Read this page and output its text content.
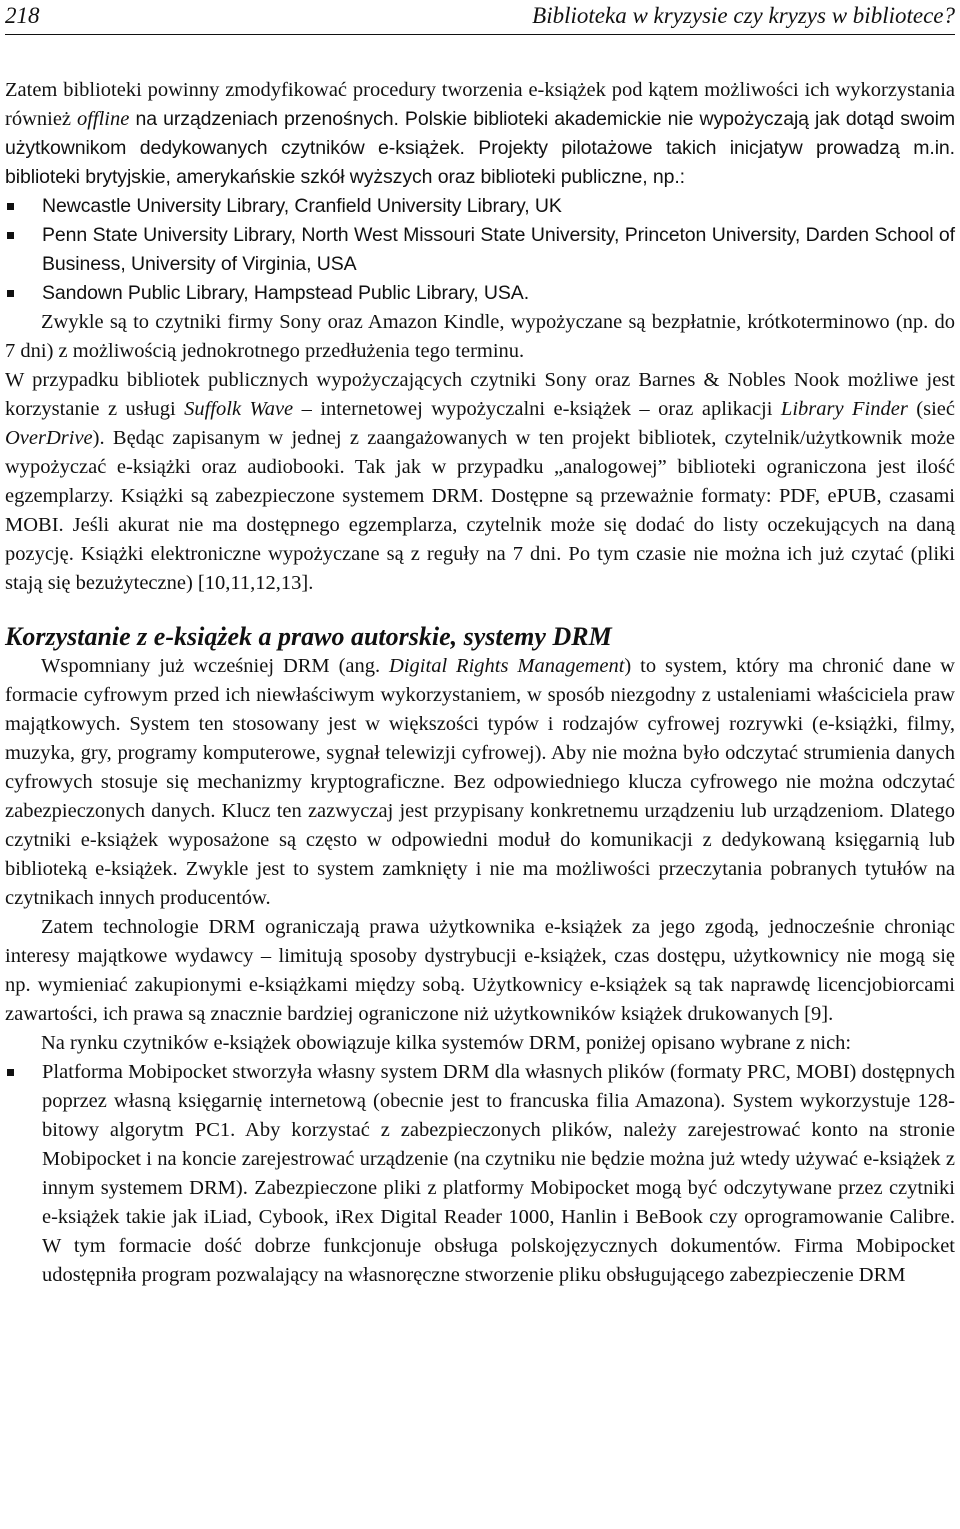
218	Biblioteka w kryzysie czy kryzys w bibliotece?

Zatem biblioteki powinny zmodyfikować procedury tworzenia e-książek pod kątem możliwości ich wykorzystania również offline na urządzeniach przenośnych. Polskie biblioteki akademickie nie wypożyczają jak dotąd swoim użytkownikom dedykowanych czytników e-książek. Projekty pilotażowe takich inicjatyw prowadzą m.in. biblioteki brytyjskie, amerykańskie szkół wyższych oraz biblioteki publiczne, np.:

Newcastle University Library, Cranfield University Library, UK
Penn State University Library, North West Missouri State University, Princeton University, Darden School of Business, University of Virginia, USA
Sandown Public Library, Hampstead Public Library, USA.

Zwykle są to czytniki firmy Sony oraz Amazon Kindle, wypożyczane są bezpłatnie, krótkoterminowo (np. do 7 dni) z możliwością jednokrotnego przedłużenia tego terminu.

W przypadku bibliotek publicznych wypożyczających czytniki Sony oraz Barnes & Nobles Nook możliwe jest korzystanie z usługi Suffolk Wave – internetowej wypożyczalni e-książek – oraz aplikacji Library Finder (sieć OverDrive). Będąc zapisanym w jednej z zaangażowanych w ten projekt bibliotek, czytelnik/użytkownik może wypożyczać e-książki oraz audiobooki. Tak jak w przypadku „analogowej” biblioteki ograniczona jest ilość egzemplarzy. Książki są zabezpieczone systemem DRM. Dostępne są przeważnie formaty: PDF, ePUB, czasami MOBI. Jeśli akurat nie ma dostępnego egzemplarza, czytelnik może się dodać do listy oczekujących na daną pozycję. Książki elektroniczne wypożyczane są z reguły na 7 dni. Po tym czasie nie można ich już czytać (pliki stają się bezużyteczne) [10,11,12,13].

Korzystanie z e-książek a prawo autorskie, systemy DRM

Wspomniany już wcześniej DRM (ang. Digital Rights Management) to system, który ma chronić dane w formacie cyfrowym przed ich niewłaściwym wykorzystaniem, w sposób niezgodny z ustaleniami właściciela praw majątkowych. System ten stosowany jest w większości typów i rodzajów cyfrowej rozrywki (e-książki, filmy, muzyka, gry, programy komputerowe, sygnał telewizji cyfrowej). Aby nie można było odczytać strumienia danych cyfrowych stosuje się mechanizmy kryptograficzne. Bez odpowiedniego klucza cyfrowego nie można odczytać zabezpieczonych danych. Klucz ten zazwyczaj jest przypisany konkretnemu urządzeniu lub urządzeniom. Dlatego czytniki e-książek wyposażone są często w odpowiedni moduł do komunikacji z dedykowaną księgarnią lub biblioteką e-książek. Zwykle jest to system zamknięty i nie ma możliwości przeczytania pobranych tytułów na czytnikach innych producentów.

Zatem technologie DRM ograniczają prawa użytkownika e-książek za jego zgodą, jednocześnie chroniąc interesy majątkowe wydawcy – limitują sposoby dystrybucji e-książek, czas dostępu, użytkownicy nie mogą się np. wymieniać zakupionymi e-książkami między sobą. Użytkownicy e-książek są tak naprawdę licencjobiorcami zawartości, ich prawa są znacznie bardziej ograniczone niż użytkowników książek drukowanych [9].

Na rynku czytników e-książek obowiązuje kilka systemów DRM, poniżej opisano wybrane z nich:

Platforma Mobipocket stworzyła własny system DRM dla własnych plików (formaty PRC, MOBI) dostępnych poprzez własną księgarnię internetową (obecnie jest to francuska filia Amazona). System wykorzystuje 128-bitowy algorytm PC1. Aby korzystać z zabezpieczonych plików, należy zarejestrować konto na stronie Mobipocket i na koncie zarejestrować urządzenie (na czytniku nie będzie można już wtedy używać e-książek z innym systemem DRM). Zabezpieczone pliki z platformy Mobipocket mogą być odczytywane przez czytniki e-książek takie jak iLiad, Cybook, iRex Digital Reader 1000, Hanlin i BeBook czy oprogramowanie Calibre. W tym formacie dość dobrze funkcjonuje obsługa polskojęzycznych dokumentów. Firma Mobipocket udostępniła program pozwalający na własnoręczne stworzenie pliku obsługującego zabezpieczenie DRM
